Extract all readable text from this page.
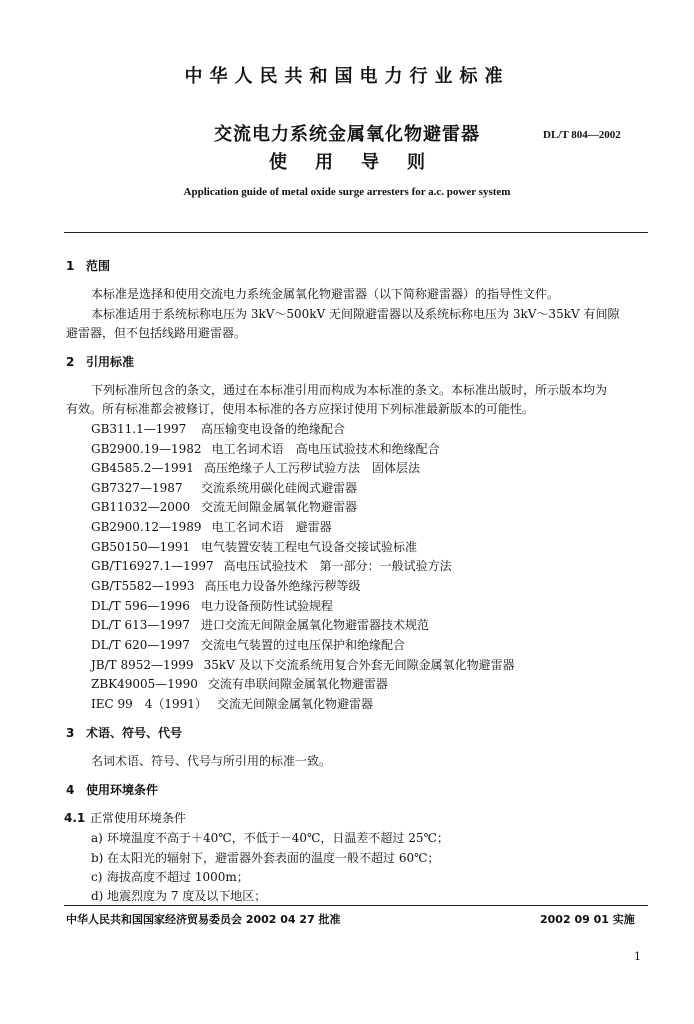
中华人民共和国电力行业标准
交流电力系统金属氧化物避雷器	DL/T 804—2002
使用导则
Application guide of metal oxide surge arresters for a.c. power system
1 范围
本标准是选择和使用交流电力系统金属氧化物避雷器（以下简称避雷器）的指导性文件。
本标准适用于系统标称电压为 3kV～500kV 无间隙避雷器以及系统标称电压为 3kV～35kV 有间隙
避雷器，但不包括线路用避雷器。
2 引用标准
下列标准所包含的条文，通过在本标准引用而构成为本标准的条文。本标准出版时，所示版本均为
有效。所有标准都会被修订，使用本标准的各方应探讨使用下列标准最新版本的可能性。
GB311.1—1997 高压输变电设备的绝缘配合
GB2900.19—1982 电工名词术语　高电压试验技术和绝缘配合
GB4585.2—1991 高压绝缘子人工污秽试验方法　固体层法
GB7327—1987 交流系统用碳化硅阀式避雷器
GB11032—2000 交流无间隙金属氧化物避雷器
GB2900.12—1989 电工名词术语　避雷器
GB50150—1991 电气装置安装工程电气设备交接试验标准
GB/T16927.1—1997 高电压试验技术　第一部分：一般试验方法
GB/T5582—1993 高压电力设备外绝缘污秽等级
DL/T 596—1996 电力设备预防性试验规程
DL/T 613—1997 进口交流无间隙金属氧化物避雷器技术规范
DL/T 620—1997 交流电气装置的过电压保护和绝缘配合
JB/T 8952—1999 35kV 及以下交流系统用复合外套无间隙金属氧化物避雷器
ZBK49005—1990 交流有串联间隙金属氧化物避雷器
IEC 99　4（1991） 交流无间隙金属氧化物避雷器
3 术语、符号、代号
名词术语、符号、代号与所引用的标准一致。
4 使用环境条件
4.1 正常使用环境条件
a) 环境温度不高于＋40℃，不低于－40℃，日温差不超过 25℃；
b) 在太阳光的辐射下，避雷器外套表面的温度一般不超过 60℃；
c) 海拔高度不超过 1000m；
d) 地震烈度为 7 度及以下地区；
中华人民共和国国家经济贸易委员会 2002 04 27 批准	2002 09 01 实施
1
